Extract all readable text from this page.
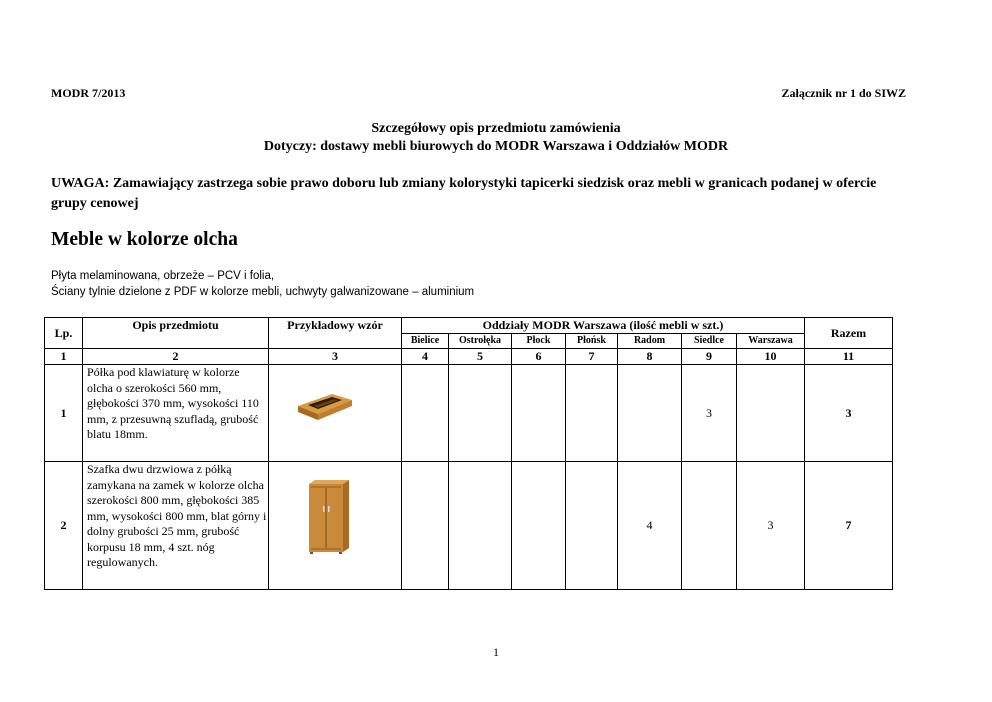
MODR 7/2013	Załącznik nr 1 do SIWZ
Szczegółowy opis przedmiotu zamówienia
Dotyczy: dostawy mebli biurowych do MODR Warszawa i Oddziałów MODR
UWAGA: Zamawiający zastrzega sobie prawo doboru lub zmiany kolorystyki tapicerki siedzisk oraz mebli w granicach podanej w ofercie grupy cenowej
Meble w kolorze olcha
Płyta melaminowana, obrzeże – PCV i folia,
Ściany tylnie dzielone z PDF w kolorze mebli, uchwyty galwanizowane – aluminium
Lp.	Opis przedmiotu	Przykładowy wzór	Oddziały MODR Warszawa (ilość mebli w szt.)							Razem
			Bielice	Ostrołęka	Płock	Płońsk	Radom	Siedlce	Warszawa	
1	2	3	4	5	6	7	8	9	10	11
1	Półka pod klawiaturę w kolorze olcha o szerokości 560 mm, głębokości 370 mm, wysokości 110 mm, z przesuwną szufladą, grubość blatu 18mm.							3		3
2	Szafka dwu drzwiowa z półką zamykana na zamek w kolorze olcha szerokości 800 mm, głębokości 385 mm, wysokości 800 mm, blat górny i dolny grubości 25 mm, grubość korpusu 18 mm, 4 szt. nóg regulowanych.						4		3	7
1
